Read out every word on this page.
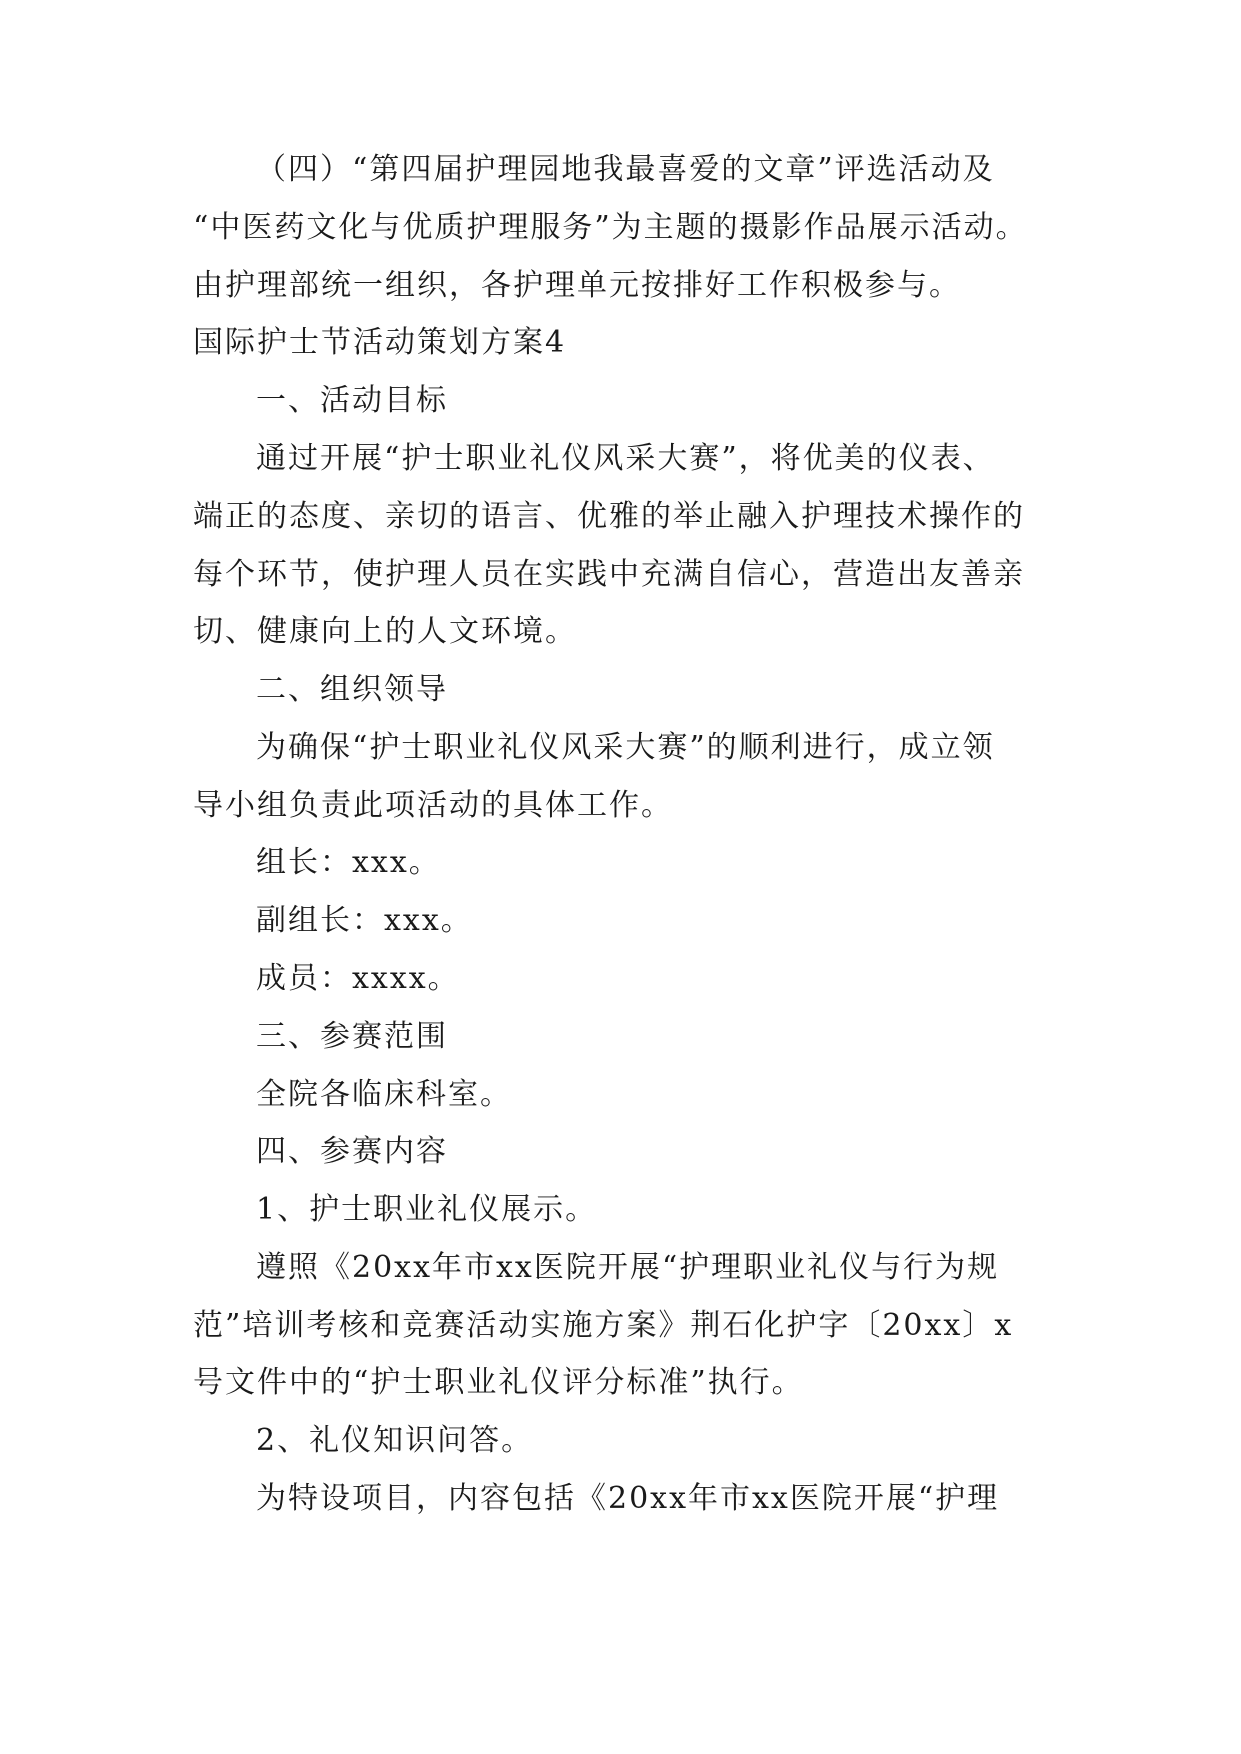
（四）“第四届护理园地我最喜爱的文章”评选活动及
“中医药文化与优质护理服务”为主题的摄影作品展示活动。
由护理部统一组织，各护理单元按排好工作积极参与。
国际护士节活动策划方案4
一、活动目标
通过开展“护士职业礼仪风采大赛”，将优美的仪表、
端正的态度、亲切的语言、优雅的举止融入护理技术操作的
每个环节，使护理人员在实践中充满自信心，营造出友善亲
切、健康向上的人文环境。
二、组织领导
为确保“护士职业礼仪风采大赛”的顺利进行，成立领
导小组负责此项活动的具体工作。
组长：xxx。
副组长：xxx。
成员：xxxx。
三、参赛范围
全院各临床科室。
四、参赛内容
1、护士职业礼仪展示。
遵照《20xx年市xx医院开展“护理职业礼仪与行为规
范”培训考核和竞赛活动实施方案》荆石化护字〔20xx〕x
号文件中的“护士职业礼仪评分标准”执行。
2、礼仪知识问答。
为特设项目，内容包括《20xx年市xx医院开展“护理
